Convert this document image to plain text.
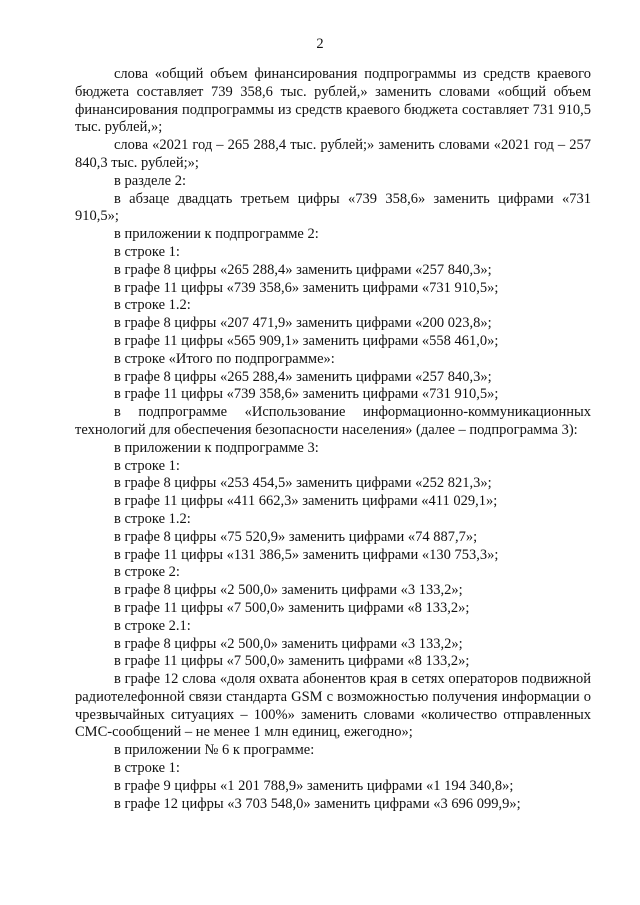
2

слова «общий объем финансирования подпрограммы из средств краевого бюджета составляет 739 358,6 тыс. рублей,» заменить словами «общий объем финансирования подпрограммы из средств краевого бюджета составляет 731 910,5 тыс. рублей,»;

слова «2021 год – 265 288,4 тыс. рублей;» заменить словами «2021 год – 257 840,3 тыс. рублей;»;

в разделе 2:

в абзаце двадцать третьем цифры «739 358,6» заменить цифрами «731 910,5»;

в приложении к подпрограмме 2:

в строке 1:

в графе 8 цифры «265 288,4» заменить цифрами «257 840,3»;

в графе 11 цифры «739 358,6» заменить цифрами «731 910,5»;

в строке 1.2:

в графе 8 цифры «207 471,9» заменить цифрами «200 023,8»;

в графе 11 цифры «565 909,1» заменить цифрами «558 461,0»;

в строке «Итого по подпрограмме»:

в графе 8 цифры «265 288,4» заменить цифрами «257 840,3»;

в графе 11 цифры «739 358,6» заменить цифрами «731 910,5»;

в подпрограмме «Использование информационно-коммуникационных технологий для обеспечения безопасности населения» (далее – подпрограмма 3):

в приложении к подпрограмме 3:

в строке 1:

в графе 8 цифры «253 454,5» заменить цифрами «252 821,3»;

в графе 11 цифры «411 662,3» заменить цифрами «411 029,1»;

в строке 1.2:

в графе 8 цифры «75 520,9» заменить цифрами «74 887,7»;

в графе 11 цифры «131 386,5» заменить цифрами «130 753,3»;

в строке 2:

в графе 8 цифры «2 500,0» заменить цифрами «3 133,2»;

в графе 11 цифры «7 500,0» заменить цифрами «8 133,2»;

в строке 2.1:

в графе 8 цифры «2 500,0» заменить цифрами «3 133,2»;

в графе 11 цифры «7 500,0» заменить цифрами «8 133,2»;

в графе 12 слова «доля охвата абонентов края в сетях операторов подвижной радиотелефонной связи стандарта GSM с возможностью получения информации о чрезвычайных ситуациях – 100%» заменить словами «количество отправленных СМС-сообщений – не менее 1 млн единиц, ежегодно»;

в приложении № 6 к программе:

в строке 1:

в графе 9 цифры «1 201 788,9» заменить цифрами «1 194 340,8»;

в графе 12 цифры «3 703 548,0» заменить цифрами «3 696 099,9»;
